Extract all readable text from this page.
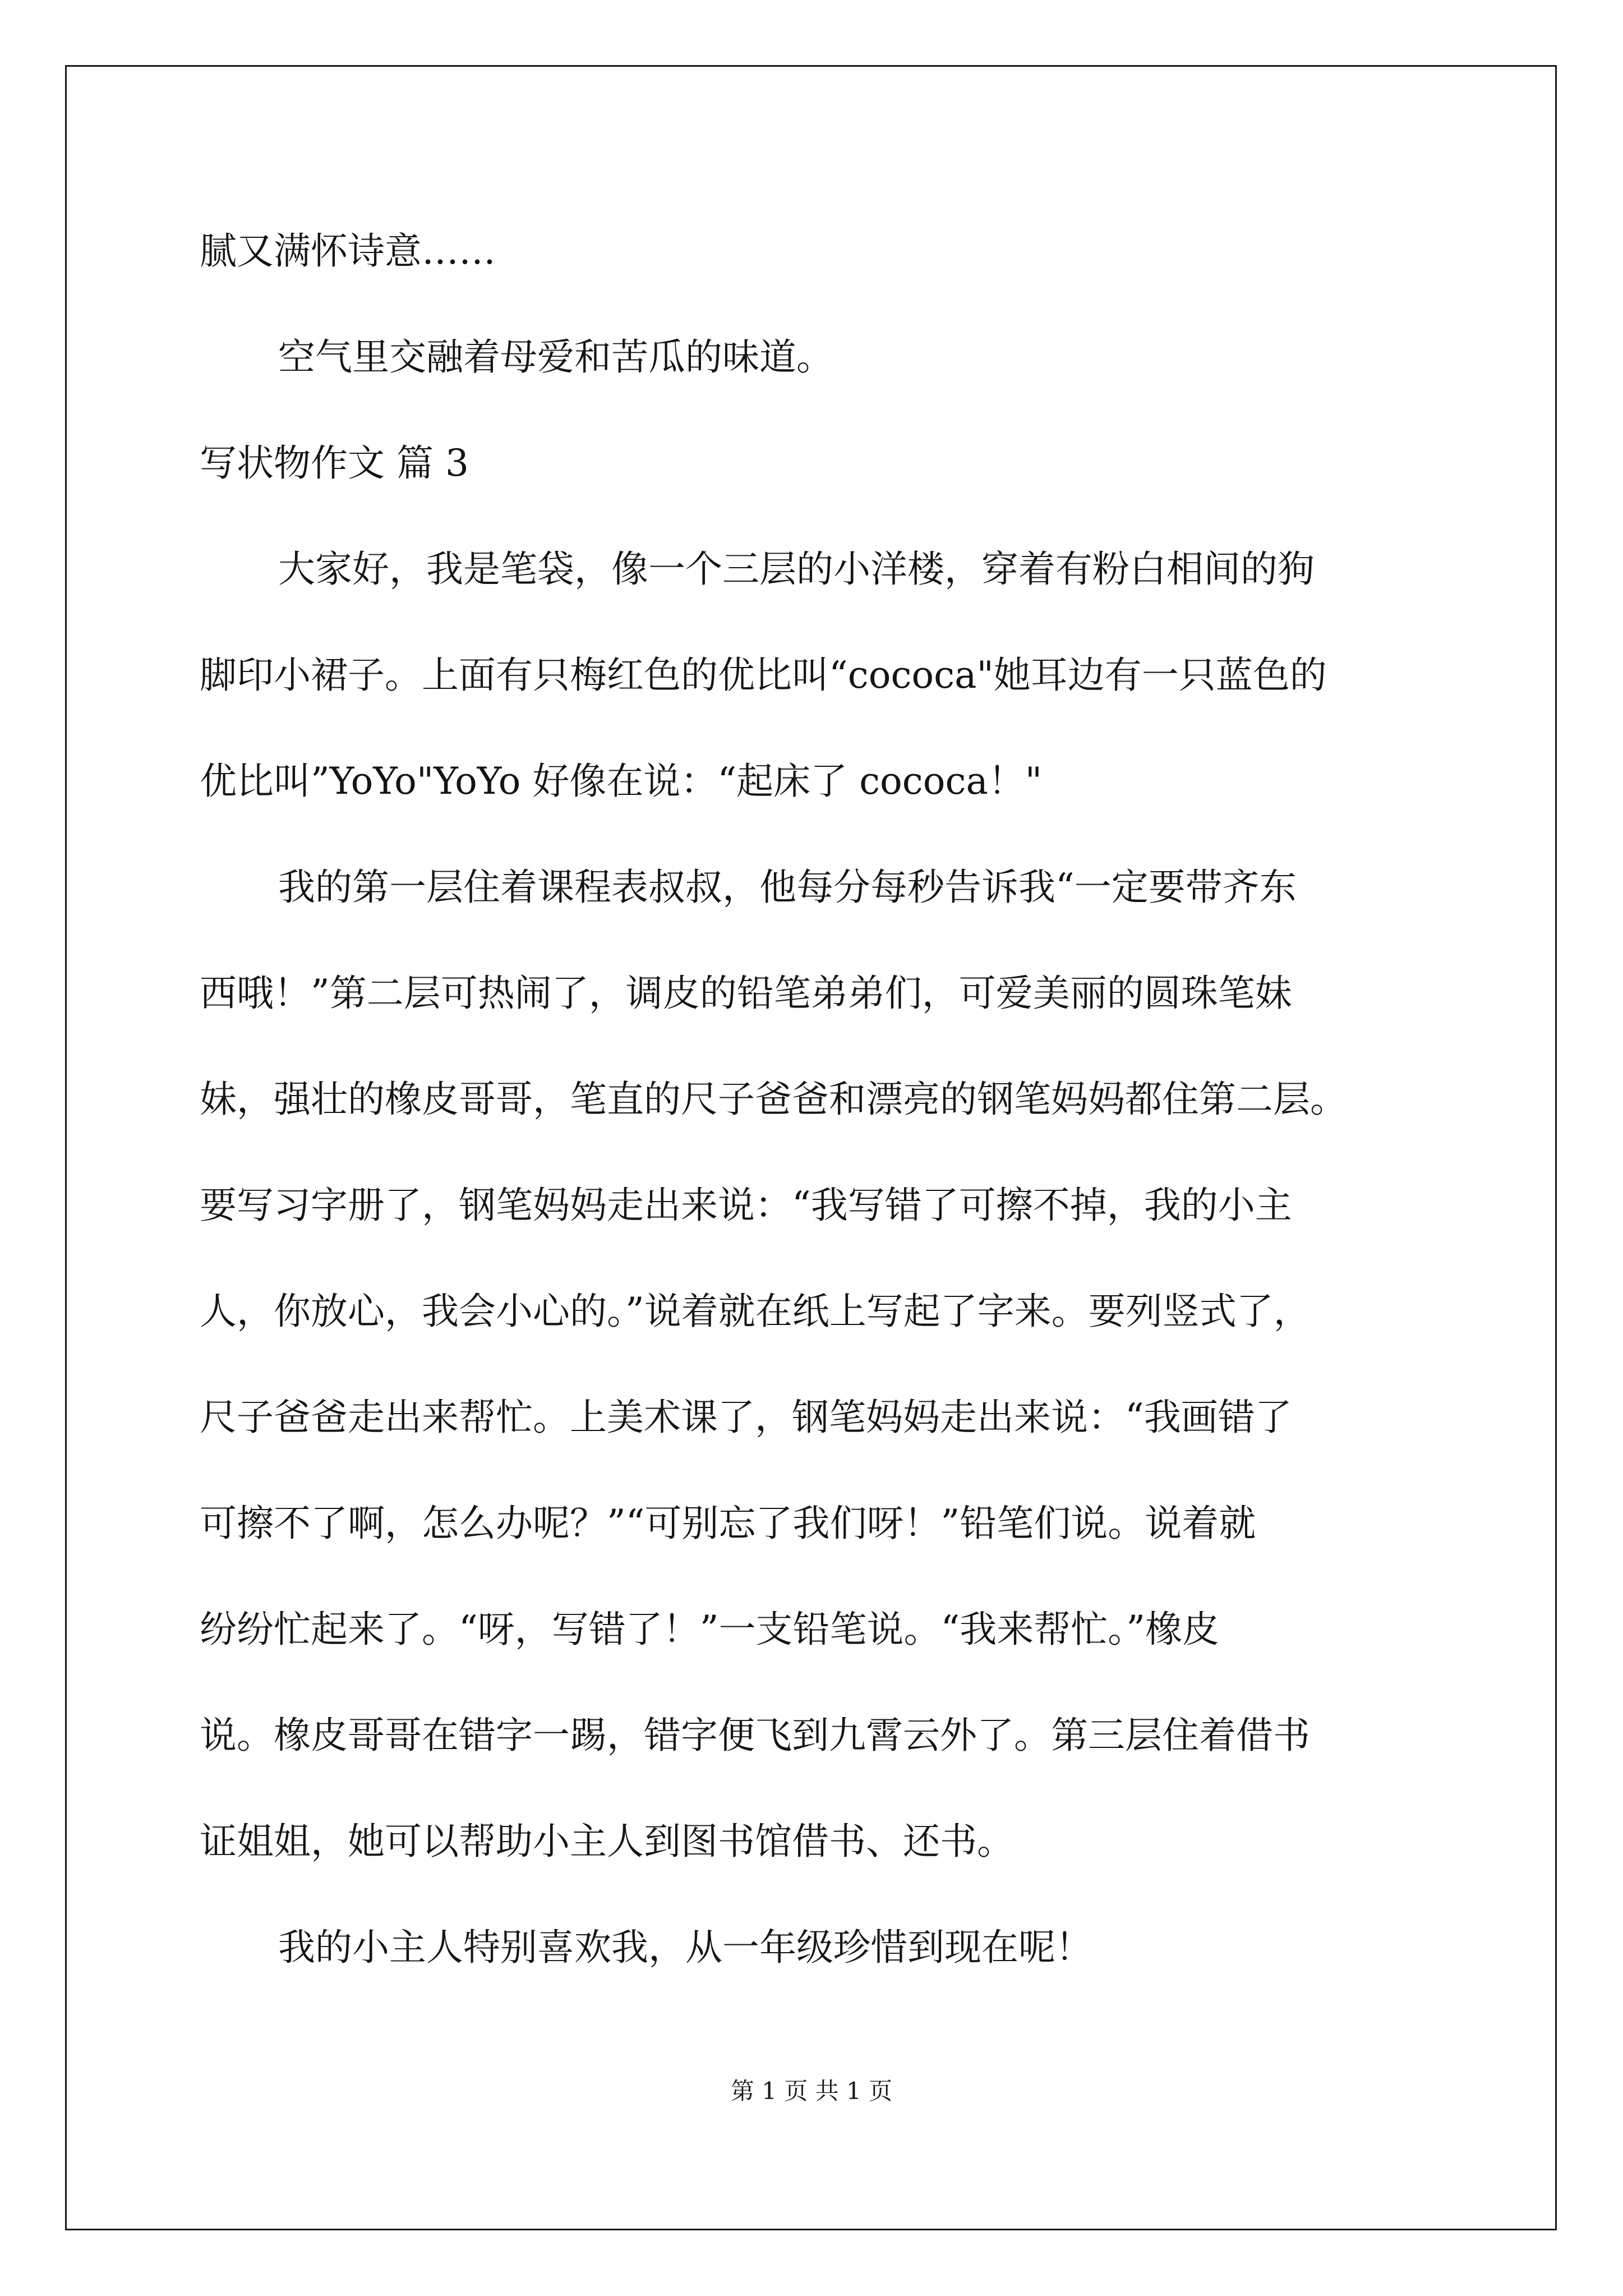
腻又满怀诗意……

空气里交融着母爱和苦瓜的味道。

写状物作文 篇 3

大家好，我是笔袋，像一个三层的小洋楼，穿着有粉白相间的狗

脚印小裙子。上面有只梅红色的优比叫“cococa"她耳边有一只蓝色的

优比叫”YoYo"YoYo 好像在说：“起床了 cococa！"

我的第一层住着课程表叔叔，他每分每秒告诉我“一定要带齐东

西哦！”第二层可热闹了，调皮的铅笔弟弟们，可爱美丽的圆珠笔妹

妹，强壮的橡皮哥哥，笔直的尺子爸爸和漂亮的钢笔妈妈都住第二层。

要写习字册了，钢笔妈妈走出来说：“我写错了可擦不掉，我的小主

人，你放心，我会小心的。”说着就在纸上写起了字来。要列竖式了，

尺子爸爸走出来帮忙。上美术课了，钢笔妈妈走出来说：“我画错了

可擦不了啊，怎么办呢？”“可别忘了我们呀！”铅笔们说。说着就

纷纷忙起来了。“呀，写错了！”一支铅笔说。“我来帮忙。”橡皮

说。橡皮哥哥在错字一踢，错字便飞到九霄云外了。第三层住着借书

证姐姐，她可以帮助小主人到图书馆借书、还书。

我的小主人特别喜欢我，从一年级珍惜到现在呢！

第 1 页 共 1 页
